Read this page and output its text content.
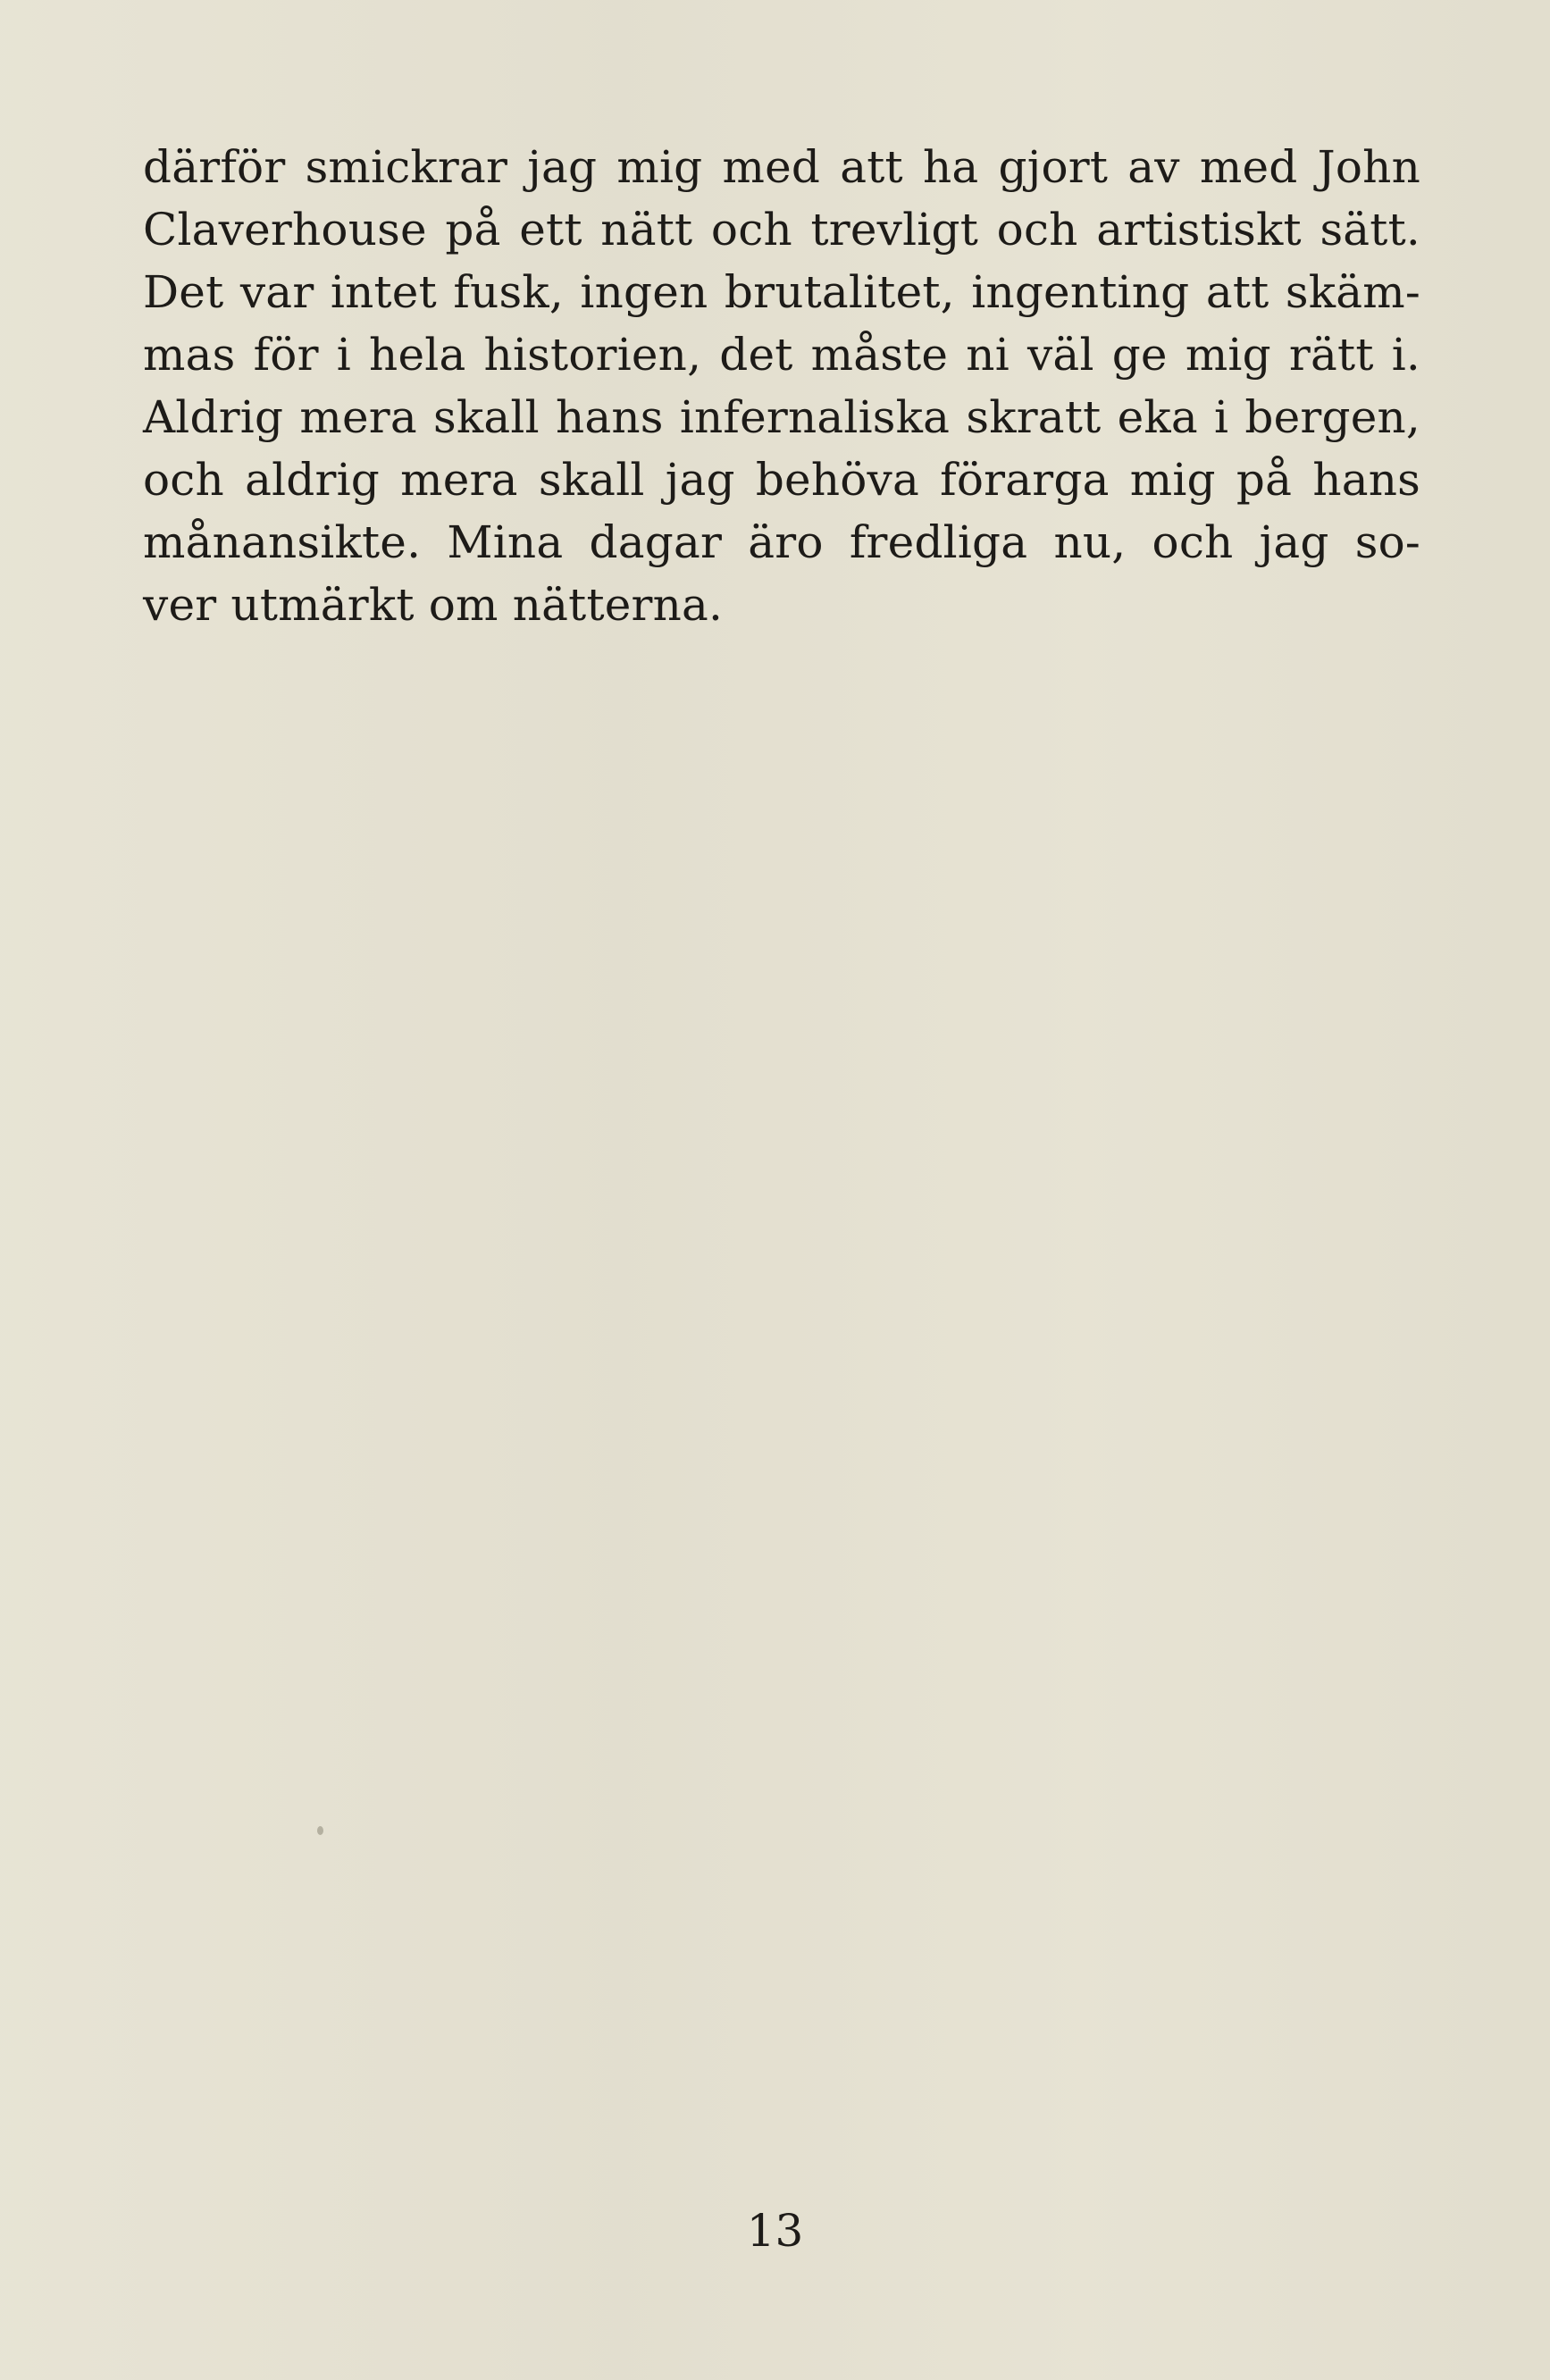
därför smickrar jag mig med att ha gjort av med John
Claverhouse på ett nätt och trevligt och artistiskt sätt.
Det var intet fusk, ingen brutalitet, ingenting att skäm-
mas för i hela historien, det måste ni väl ge mig rätt i.
Aldrig mera skall hans infernaliska skratt eka i bergen,
och aldrig mera skall jag behöva förarga mig på hans
månansikte. Mina dagar äro fredliga nu, och jag so-
ver utmärkt om nätterna.
13
